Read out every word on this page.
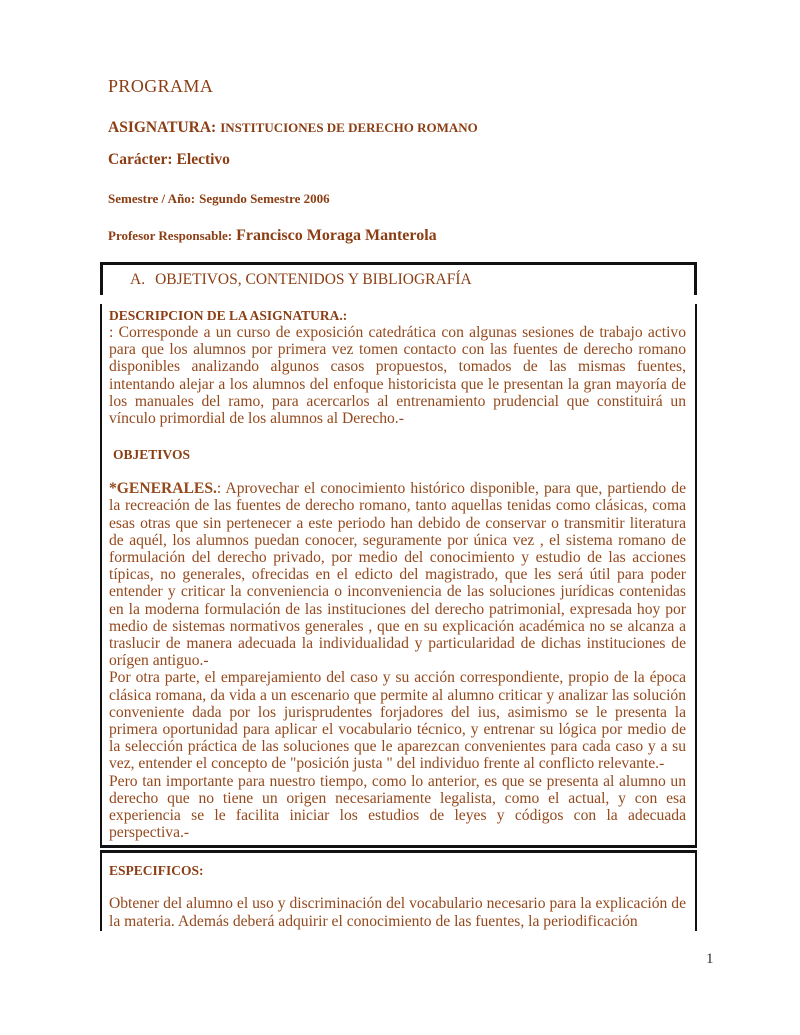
PROGRAMA

ASIGNATURA: INSTITUCIONES DE DERECHO ROMANO

Carácter: Electivo

Semestre / Año: Segundo Semestre 2006

Profesor Responsable: Francisco Moraga Manterola

A. OBJETIVOS, CONTENIDOS Y BIBLIOGRAFÍA
DESCRIPCION DE LA ASIGNATURA.:

: Corresponde a un curso de exposición catedrática con algunas sesiones de trabajo activo para que los alumnos por primera vez tomen contacto con las fuentes de derecho romano disponibles analizando algunos casos propuestos, tomados de las mismas fuentes, intentando alejar a los alumnos del enfoque historicista que le presentan la gran mayoría de los manuales del ramo, para acercarlos al entrenamiento prudencial que constituirá un vínculo primordial de los alumnos al Derecho.-

OBJETIVOS

*GENERALES.: Aprovechar el conocimiento histórico disponible, para que, partiendo de la recreación de las fuentes de derecho romano, tanto aquellas tenidas como clásicas, coma esas otras que sin pertenecer a este periodo han debido de conservar o transmitir literatura de aquél, los alumnos puedan conocer, seguramente por única vez , el sistema romano de formulación del derecho privado, por medio del conocimiento y estudio de las acciones típicas, no generales, ofrecidas en el edicto del magistrado, que les será útil para poder entender y criticar la conveniencia o inconveniencia de las soluciones jurídicas contenidas en la moderna formulación de las instituciones del derecho patrimonial, expresada hoy por medio de sistemas normativos generales , que en su explicación académica no se alcanza a traslucir de manera adecuada la individualidad y particularidad de dichas instituciones de orígen antiguo.-

Por otra parte, el emparejamiento del caso y su acción correspondiente, propio de la época clásica romana, da vida a un escenario que permite al alumno criticar y analizar las solución conveniente dada por los jurisprudentes forjadores del ius, asimismo se le presenta la primera oportunidad para aplicar el vocabulario técnico, y entrenar su lógica por medio de la selección práctica de las soluciones que le aparezcan convenientes para cada caso y a su vez, entender el concepto de "posición justa " del individuo frente al conflicto relevante.-

Pero tan importante para nuestro tiempo, como lo anterior, es que se presenta al alumno un derecho que no tiene un origen necesariamente legalista, como el actual, y con esa experiencia se le facilita iniciar los estudios de leyes y códigos con la adecuada perspectiva.-

ESPECIFICOS:

Obtener del alumno el uso y discriminación del vocabulario necesario para la explicación de la materia. Además deberá adquirir el conocimiento de las fuentes, la periodificación

1
